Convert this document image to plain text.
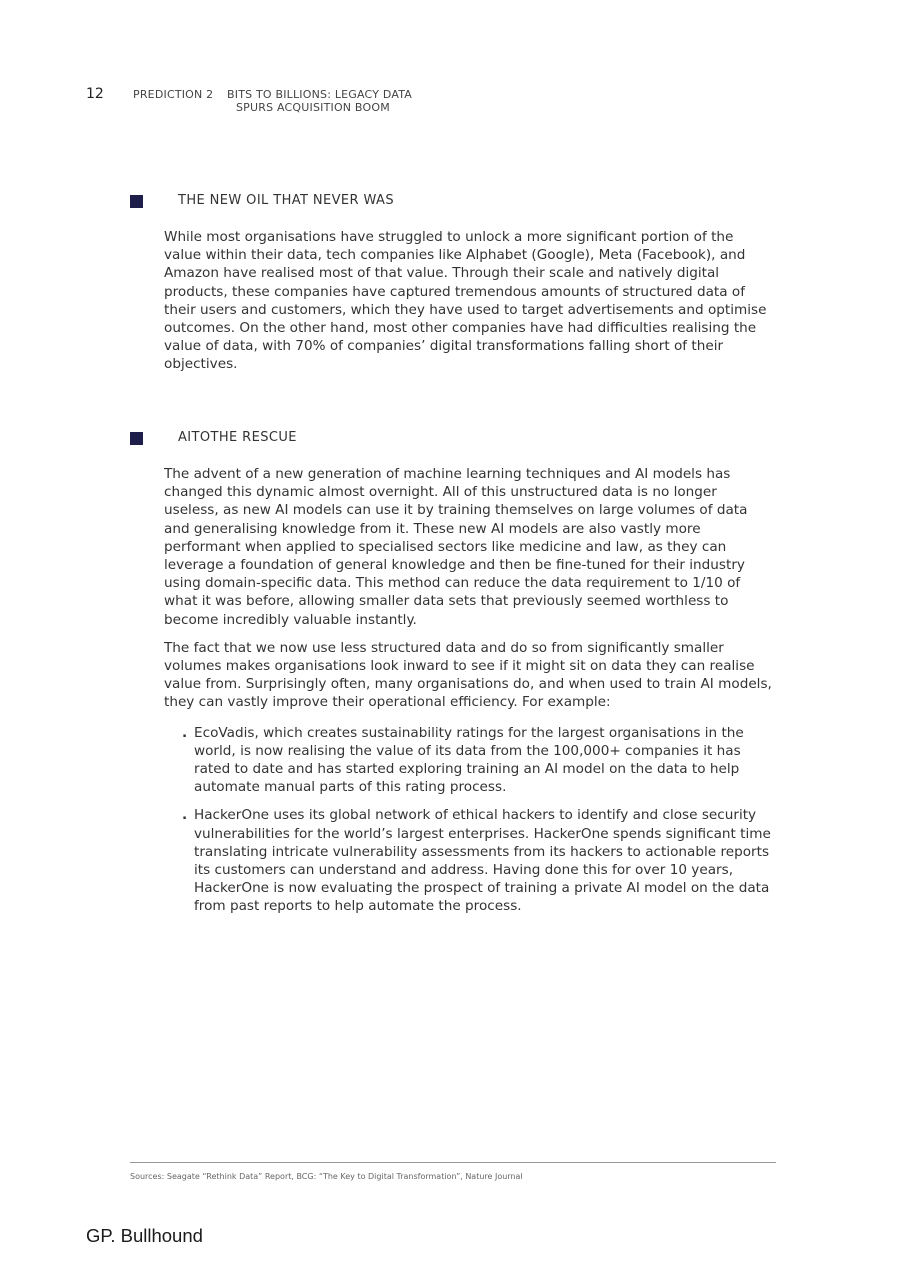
12	PREDICTION 2 BITS TO BILLIONS: LEGACY DATA
SPURS ACQUISITION BOOM
THE NEW OIL THAT NEVER WAS

While most organisations have struggled to unlock a more significant portion of the value within their data, tech companies like Alphabet (Google), Meta (Facebook), and Amazon have realised most of that value. Through their scale and natively digital products, these companies have captured tremendous amounts of structured data of their users and customers, which they have used to target advertisements and optimise outcomes. On the other hand, most other companies have had difficulties realising the value of data, with 70% of companies’ digital transformations falling short of their objectives.

AITOTHE RESCUE

The advent of a new generation of machine learning techniques and AI models has changed this dynamic almost overnight. All of this unstructured data is no longer useless, as new AI models can use it by training themselves on large volumes of data and generalising knowledge from it. These new AI models are also vastly more performant when applied to specialised sectors like medicine and law, as they can leverage a foundation of general knowledge and then be fine-tuned for their industry using domain-specific data. This method can reduce the data requirement to 1/10 of what it was before, allowing smaller data sets that previously seemed worthless to become incredibly valuable instantly.

The fact that we now use less structured data and do so from significantly smaller volumes makes organisations look inward to see if it might sit on data they can realise value from. Surprisingly often, many organisations do, and when used to train AI models, they can vastly improve their operational efficiency. For example:

. EcoVadis, which creates sustainability ratings for the largest organisations in the world, is now realising the value of its data from the 100,000+ companies it has rated to date and has started exploring training an AI model on the data to help automate manual parts of this rating process.
. HackerOne uses its global network of ethical hackers to identify and close security vulnerabilities for the world’s largest enterprises. HackerOne spends significant time translating intricate vulnerability assessments from its hackers to actionable reports its customers can understand and address. Having done this for over 10 years, HackerOne is now evaluating the prospect of training a private AI model on the data from past reports to help automate the process.
Sources: Seagate “Rethink Data” Report, BCG: “The Key to Digital Transformation”, Nature Journal
GP. Bullhound
